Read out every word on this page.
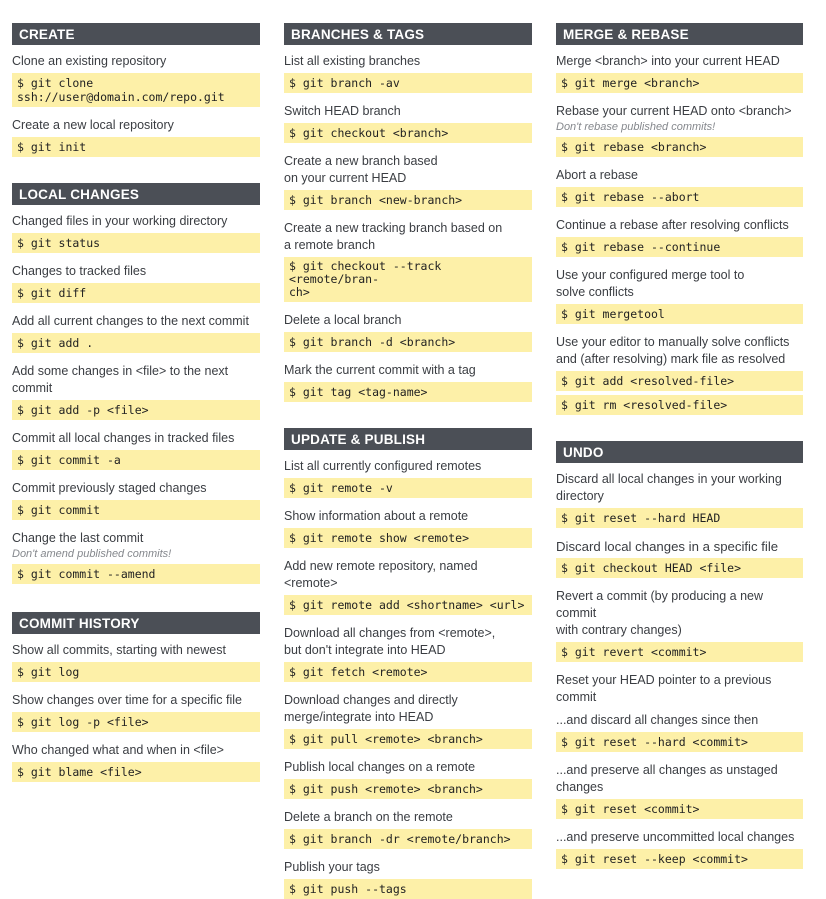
CREATE
Clone an existing repository
$ git clone ssh://user@domain.com/repo.git
Create a new local repository
$ git init
LOCAL CHANGES
Changed files in your working directory
$ git status
Changes to tracked files
$ git diff
Add all current changes to the next commit
$ git add .
Add some changes in <file> to the next commit
$ git add -p <file>
Commit all local changes in tracked files
$ git commit -a
Commit previously staged changes
$ git commit
Change the last commit
Don't amend published commits!
$ git commit --amend
COMMIT HISTORY
Show all commits, starting with newest
$ git log
Show changes over time for a specific file
$ git log -p <file>
Who changed what and when in <file>
$ git blame <file>
BRANCHES & TAGS
List all existing branches
$ git branch -av
Switch HEAD branch
$ git checkout <branch>
Create a new branch based
on your current HEAD
$ git branch <new-branch>
Create a new tracking branch based on
a remote branch
$ git checkout --track <remote/bran-
ch>
Delete a local branch
$ git branch -d <branch>
Mark the current commit with a tag
$ git tag <tag-name>
UPDATE & PUBLISH
List all currently configured remotes
$ git remote -v
Show information about a remote
$ git remote show <remote>
Add new remote repository, named <remote>
$ git remote add <shortname> <url>
Download all changes from <remote>,
but don't integrate into HEAD
$ git fetch <remote>
Download changes and directly
merge/integrate into HEAD
$ git pull <remote> <branch>
Publish local changes on a remote
$ git push <remote> <branch>
Delete a branch on the remote
$ git branch -dr <remote/branch>
Publish your tags
$ git push --tags
MERGE & REBASE
Merge <branch> into your current HEAD
$ git merge <branch>
Rebase your current HEAD onto <branch>
Don't rebase published commits!
$ git rebase <branch>
Abort a rebase
$ git rebase --abort
Continue a rebase after resolving conflicts
$ git rebase --continue
Use your configured merge tool to
solve conflicts
$ git mergetool
Use your editor to manually solve conflicts
and (after resolving) mark file as resolved
$ git add <resolved-file>
$ git rm <resolved-file>
UNDO
Discard all local changes in your working
directory
$ git reset --hard HEAD
Discard local changes in a specific file
$ git checkout HEAD <file>
Revert a commit (by producing a new commit
with contrary changes)
$ git revert <commit>
Reset your HEAD pointer to a previous commit
...and discard all changes since then
$ git reset --hard <commit>
...and preserve all changes as unstaged
changes
$ git reset <commit>
...and preserve uncommitted local changes
$ git reset --keep <commit>
